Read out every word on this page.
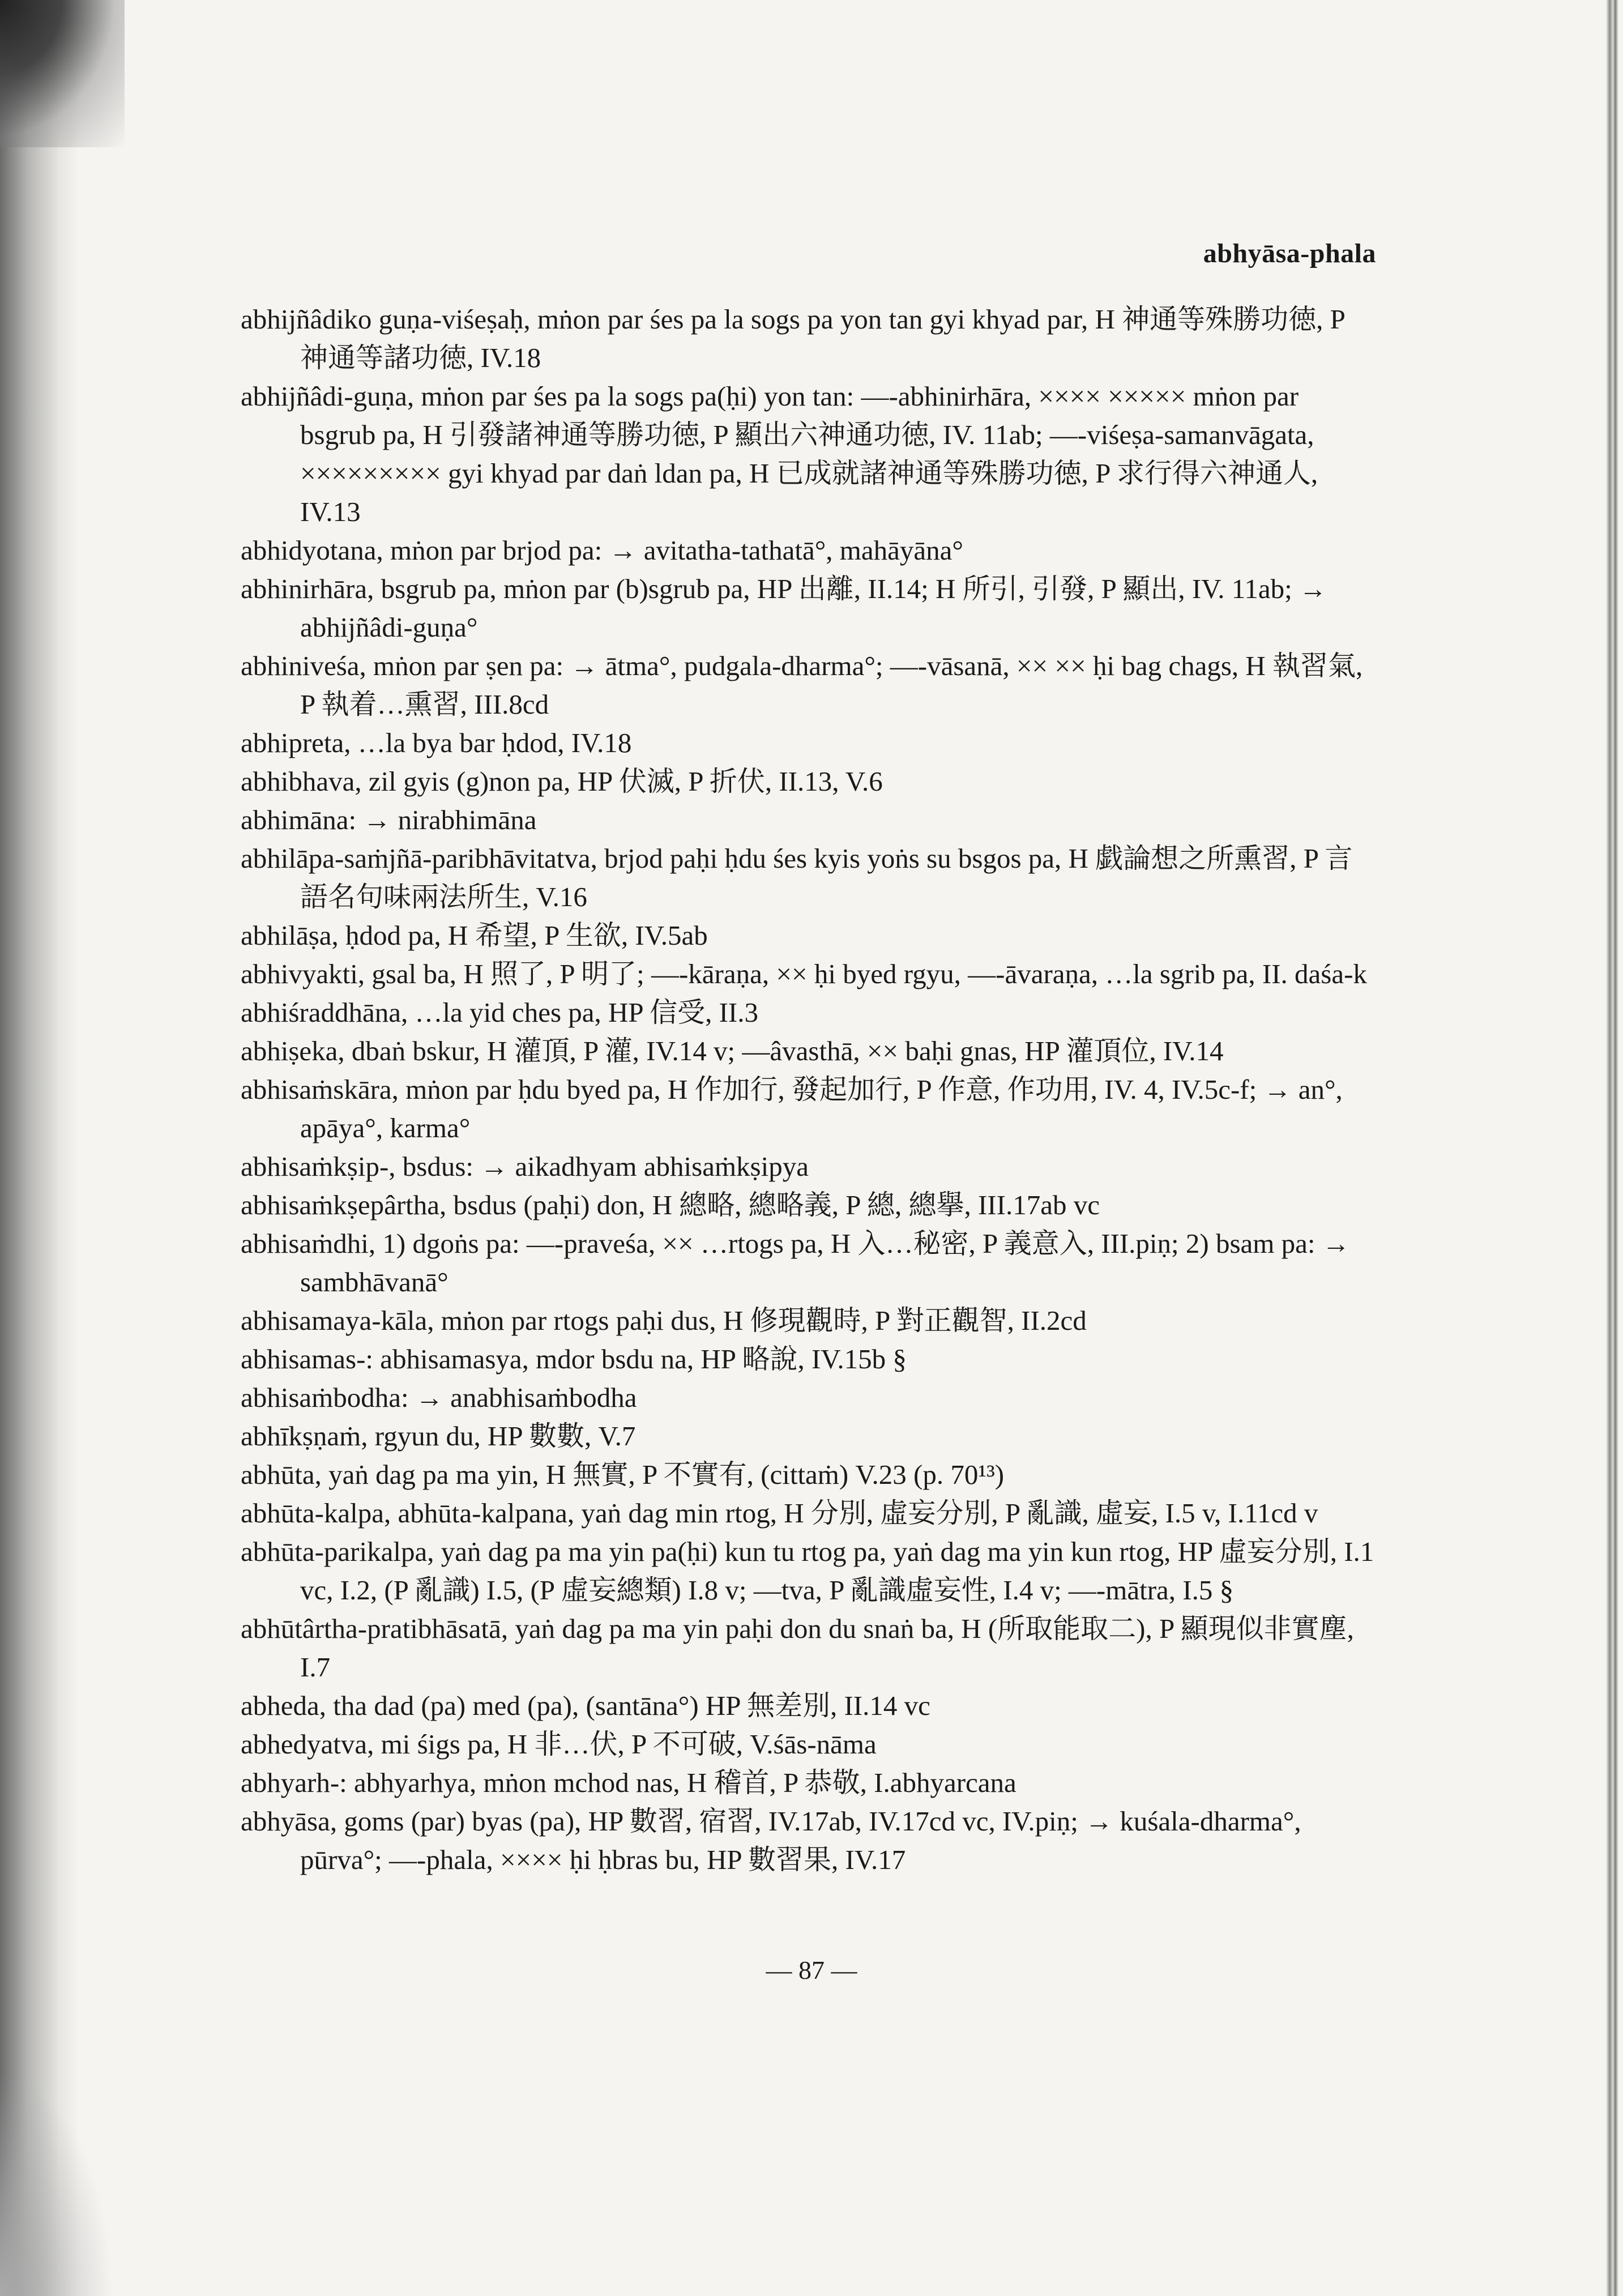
abhyāsa-phala

abhijñâdiko guṇa-viśeṣaḥ, mṅon par śes pa la sogs pa yon tan gyi khyad par, H 神通等殊勝功徳, P 神通等諸功徳, IV.18

abhijñâdi-guṇa, mṅon par śes pa la sogs pa(ḥi) yon tan: —-abhinirhāra, ×××× ××××× mṅon par bsgrub pa, H 引發諸神通等勝功徳, P 顯出六神通功徳, IV. 11ab; —-viśeṣa-samanvāgata, ××××××××× gyi khyad par daṅ ldan pa, H 已成就諸神通等殊勝功徳, P 求行得六神通人, IV.13

abhidyotana, mṅon par brjod pa: → avitatha-tathatā°, mahāyāna°

abhinirhāra, bsgrub pa, mṅon par (b)sgrub pa, HP 出離, II.14; H 所引, 引發, P 顯出, IV. 11ab; → abhijñâdi-guṇa°

abhiniveśa, mṅon par ṣen pa: → ātma°, pudgala-dharma°; —-vāsanā, ×× ×× ḥi bag chags, H 執習氣, P 執着…熏習, III.8cd

abhipreta, …la bya bar ḥdod, IV.18

abhibhava, zil gyis (g)non pa, HP 伏滅, P 折伏, II.13, V.6

abhimāna: → nirabhimāna

abhilāpa-saṁjñā-paribhāvitatva, brjod paḥi ḥdu śes kyis yoṅs su bsgos pa, H 戯論想之所熏習, P 言語名句味兩法所生, V.16

abhilāṣa, ḥdod pa, H 希望, P 生欲, IV.5ab

abhivyakti, gsal ba, H 照了, P 明了; —-kāraṇa, ×× ḥi byed rgyu, —-āvaraṇa, …la sgrib pa, II. daśa-k

abhiśraddhāna, …la yid ches pa, HP 信受, II.3

abhiṣeka, dbaṅ bskur, H 灌頂, P 灌, IV.14 v; —âvasthā, ×× baḥi gnas, HP 灌頂位, IV.14

abhisaṁskāra, mṅon par ḥdu byed pa, H 作加行, 發起加行, P 作意, 作功用, IV. 4, IV.5c-f; → an°, apāya°, karma°

abhisaṁkṣip-, bsdus: → aikadhyam abhisaṁkṣipya

abhisaṁkṣepârtha, bsdus (paḥi) don, H 總略, 總略義, P 總, 總擧, III.17ab vc

abhisaṁdhi, 1) dgoṅs pa: —-praveśa, ×× …rtogs pa, H 入…秘密, P 義意入, III.piṇ; 2) bsam pa: → sambhāvanā°

abhisamaya-kāla, mṅon par rtogs paḥi dus, H 修現觀時, P 對正觀智, II.2cd

abhisamas-: abhisamasya, mdor bsdu na, HP 略說, IV.15b §

abhisaṁbodha: → anabhisaṁbodha

abhīkṣṇaṁ, rgyun du, HP 數數, V.7

abhūta, yaṅ dag pa ma yin, H 無實, P 不實有, (cittaṁ) V.23 (p. 70¹³)

abhūta-kalpa, abhūta-kalpana, yaṅ dag min rtog, H 分別, 虛妄分別, P 亂識, 虛妄, I.5 v, I.11cd v

abhūta-parikalpa, yaṅ dag pa ma yin pa(ḥi) kun tu rtog pa, yaṅ dag ma yin kun rtog, HP 虛妄分別, I.1 vc, I.2, (P 亂識) I.5, (P 虛妄總類) I.8 v; —tva, P 亂識虛妄性, I.4 v; —-mātra, I.5 §

abhūtârtha-pratibhāsatā, yaṅ dag pa ma yin paḥi don du snaṅ ba, H (所取能取二), P 顯現似非實塵, I.7

abheda, tha dad (pa) med (pa), (santāna°) HP 無差別, II.14 vc

abhedyatva, mi śigs pa, H 非…伏, P 不可破, V.śās-nāma

abhyarh-: abhyarhya, mṅon mchod nas, H 稽首, P 恭敬, I.abhyarcana

abhyāsa, goms (par) byas (pa), HP 數習, 宿習, IV.17ab, IV.17cd vc, IV.piṇ; → kuśala-dharma°, pūrva°; —-phala, ×××× ḥi ḥbras bu, HP 數習果, IV.17

— 87 —
